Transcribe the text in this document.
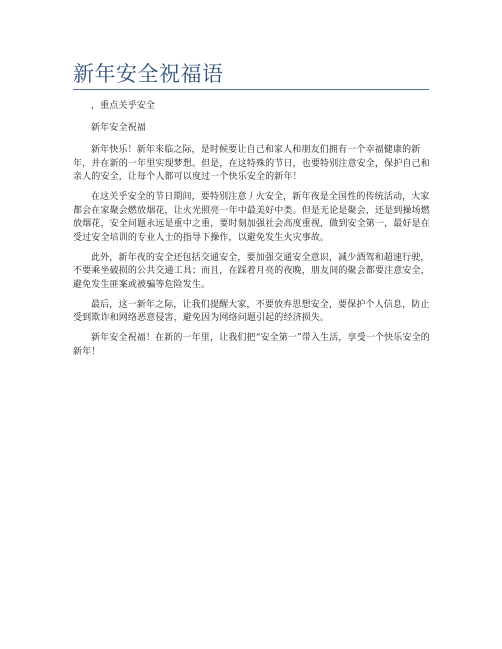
新年安全祝福语

，重点关乎安全

新年安全祝福

新年快乐！新年来临之际，是时候要让自己和家人和朋友们拥有一个幸福健康的新年，并在新的一年里实现梦想。但是，在这特殊的节日，也要特别注意安全，保护自己和亲人的安全，让每个人都可以度过一个快乐安全的新年！

在这关乎安全的节日期间，要特别注意丿火安全，新年夜是全国性的传统活动，大家都会在家聚会燃放烟花，让火光照亮一年中最美好中类。但是无论是聚会，还是到操场燃放烟花，安全问题永远是重中之重，要时刻加强社会高度重视，做到安全第一，最好是在受过安全培训的专业人士的指导下操作，以避免发生火灾事故。

此外，新年夜的安全还包括交通安全，要加强交通安全意识，减少酒驾和超速行驶，不要乘坐破损的公共交通工具；而且，在踩着月亮的夜晚，朋友间的聚会都要注意安全，避免发生匪案或被骗等危险发生。

最后，这一新年之际，让我们提醒大家，不要放弃思想安全，要保护个人信息，防止受到欺诈和网络恶意侵害，避免因为网络问题引起的经济损失。

新年安全祝福！在新的一年里，让我们把“安全第一”带入生活，享受一个快乐安全的新年！
